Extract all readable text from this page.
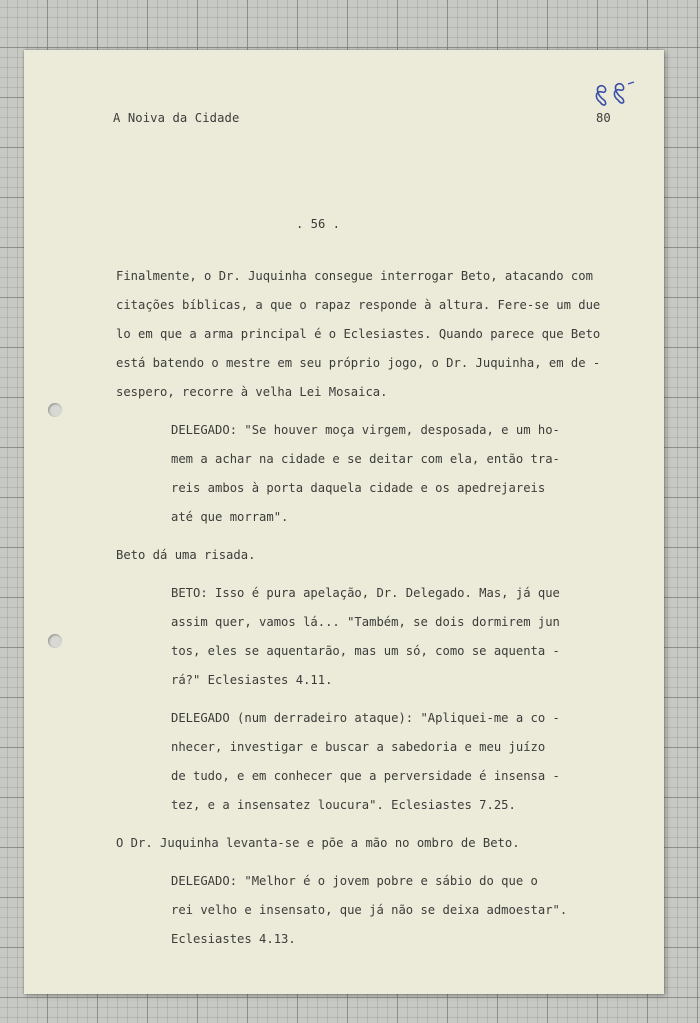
A Noiva da Cidade	80
. 56 .
Finalmente, o Dr. Juquinha consegue interrogar Beto, atacando com
citações bíblicas, a que o rapaz responde à altura. Fere-se um due
lo em que a arma principal é o Eclesiastes. Quando parece que Beto
está batendo o mestre em seu próprio jogo, o Dr. Juquinha, em de -
sespero, recorre à velha Lei Mosaica.
DELEGADO: "Se houver moça virgem, desposada, e um ho-
mem a achar na cidade e se deitar com ela, então tra-
reis ambos à porta daquela cidade e os apedrejareis
até que morram".
Beto dá uma risada.
BETO: Isso é pura apelação, Dr. Delegado. Mas, já que
assim quer, vamos lá... "Também, se dois dormirem jun
tos, eles se aquentarão, mas um só, como se aquenta -
rá?" Eclesiastes 4.11.
DELEGADO (num derradeiro ataque): "Apliquei-me a co -
nhecer, investigar e buscar a sabedoria e meu juízo
de tudo, e em conhecer que a perversidade é insensa -
tez, e a insensatez loucura". Eclesiastes 7.25.
O Dr. Juquinha levanta-se e põe a mão no ombro de Beto.
DELEGADO: "Melhor é o jovem pobre e sábio do que o
rei velho e insensato, que já não se deixa admoestar".
Eclesiastes 4.13.
